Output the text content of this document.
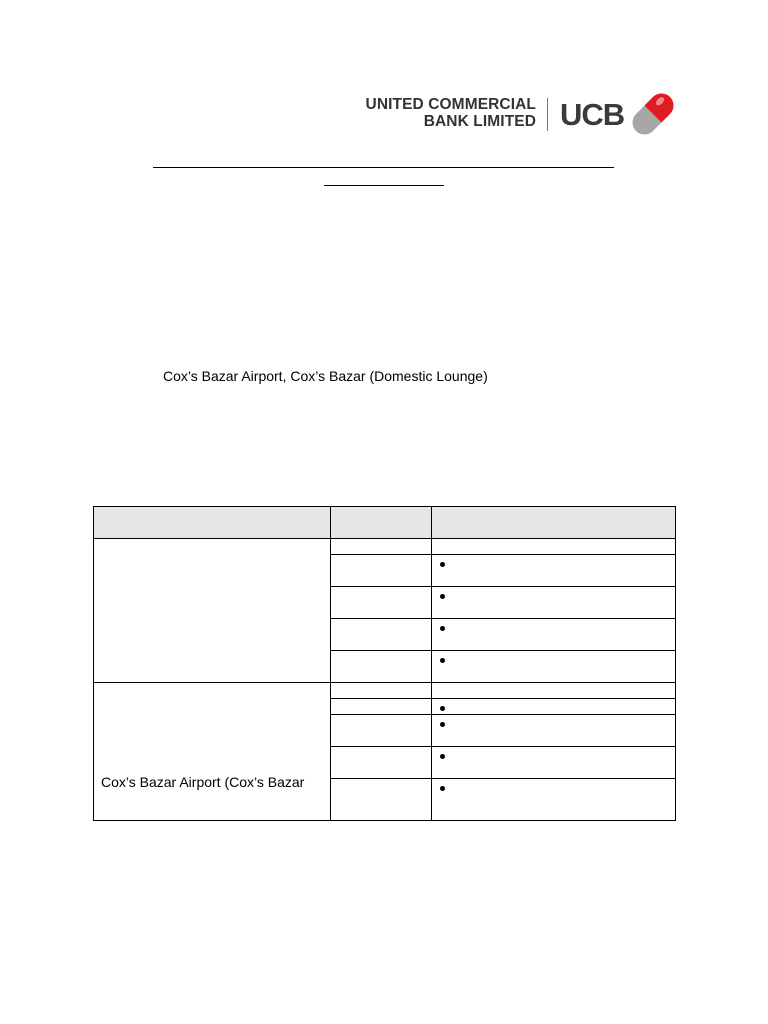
UNITED COMMERCIAL
BANK LIMITED UCB
Cox’s Bazar Airport, Cox’s Bazar (Domestic Lounge)

Cox’s Bazar Airport (Cox’s Bazar		
